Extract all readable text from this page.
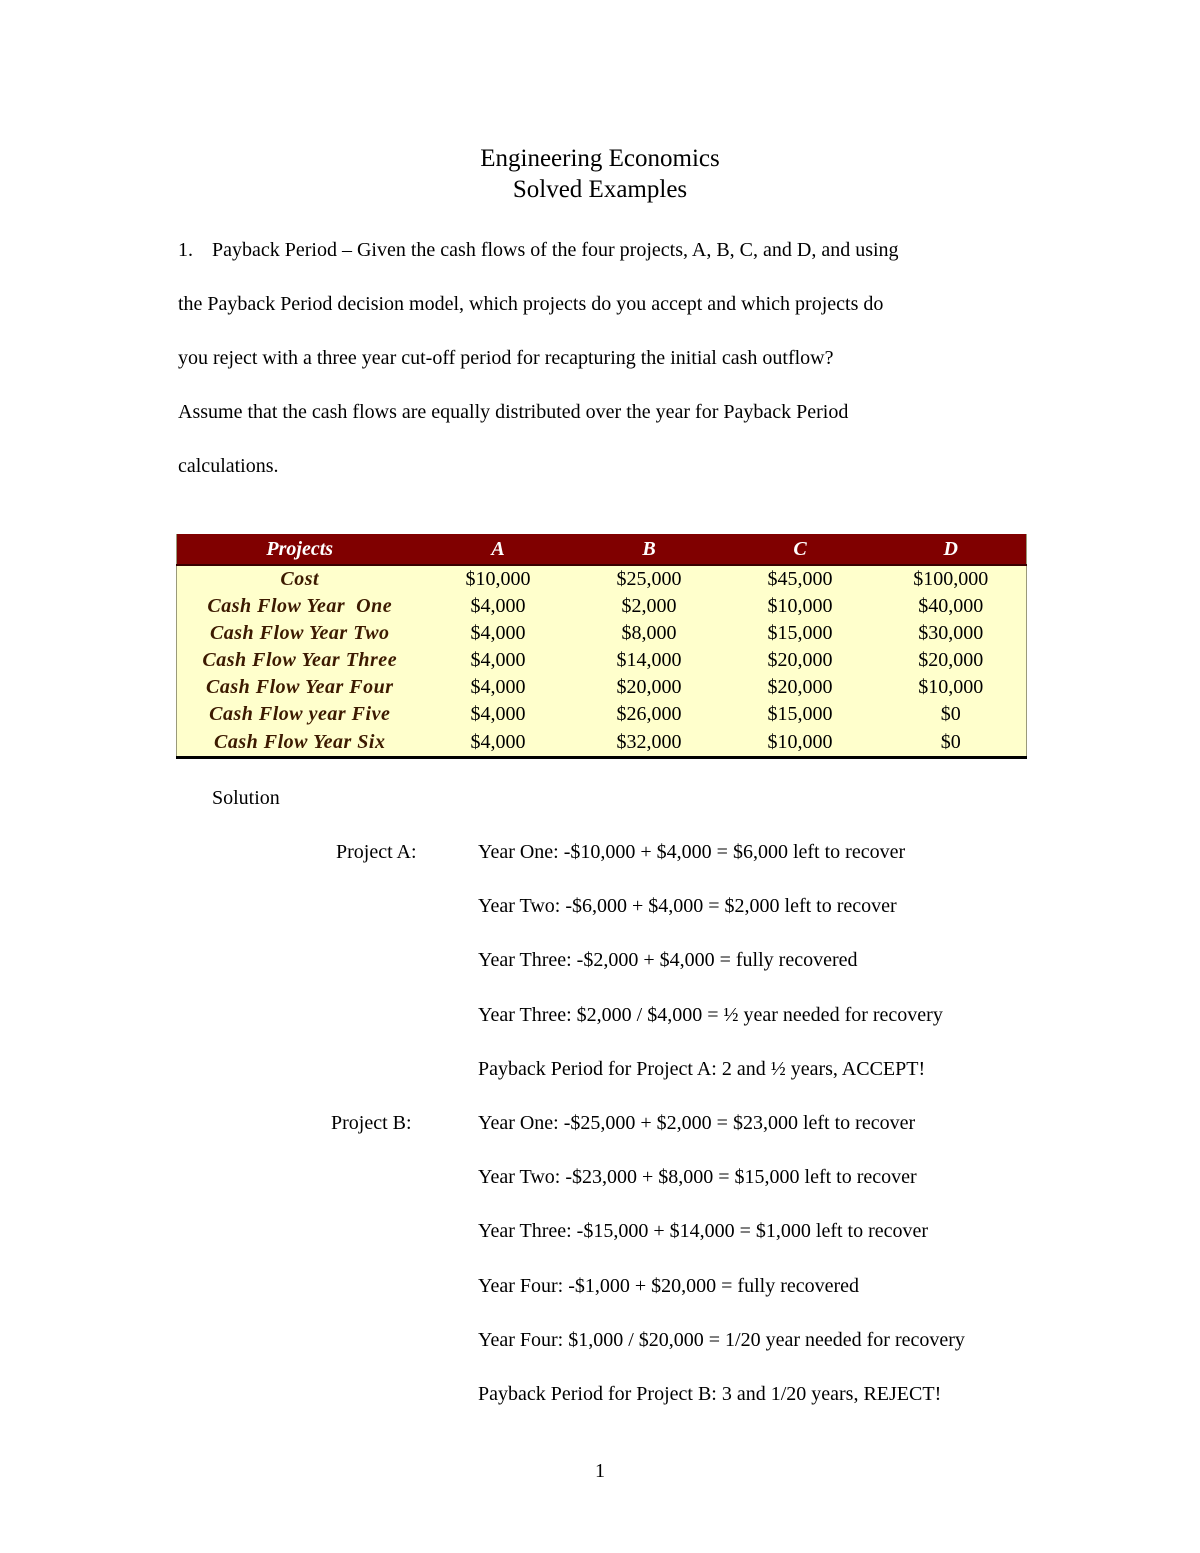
Engineering Economics
Solved Examples
1. Payback Period – Given the cash flows of the four projects, A, B, C, and D, and using
the Payback Period decision model, which projects do you accept and which projects do
you reject with a three year cut-off period for recapturing the initial cash outflow?
Assume that the cash flows are equally distributed over the year for Payback Period
calculations.
Projects	A	B	C	D
Cost	$10,000	$25,000	$45,000	$100,000
Cash Flow Year  One	$4,000	$2,000	$10,000	$40,000
Cash Flow Year Two	$4,000	$8,000	$15,000	$30,000
Cash Flow Year Three	$4,000	$14,000	$20,000	$20,000
Cash Flow Year Four	$4,000	$20,000	$20,000	$10,000
Cash Flow year Five	$4,000	$26,000	$15,000	$0
Cash Flow Year Six	$4,000	$32,000	$10,000	$0
Solution
Project A:	Year One: -$10,000 + $4,000 = $6,000 left to recover
Year Two: -$6,000 + $4,000 = $2,000 left to recover
Year Three: -$2,000 + $4,000 = fully recovered
Year Three: $2,000 / $4,000 = ½ year needed for recovery
Payback Period for Project A: 2 and ½ years, ACCEPT!
Project B:	Year One: -$25,000 + $2,000 = $23,000 left to recover
Year Two: -$23,000 + $8,000 = $15,000 left to recover
Year Three: -$15,000 + $14,000 = $1,000 left to recover
Year Four: -$1,000 + $20,000 = fully recovered
Year Four: $1,000 / $20,000 = 1/20 year needed for recovery
Payback Period for Project B: 3 and 1/20 years, REJECT!
1
